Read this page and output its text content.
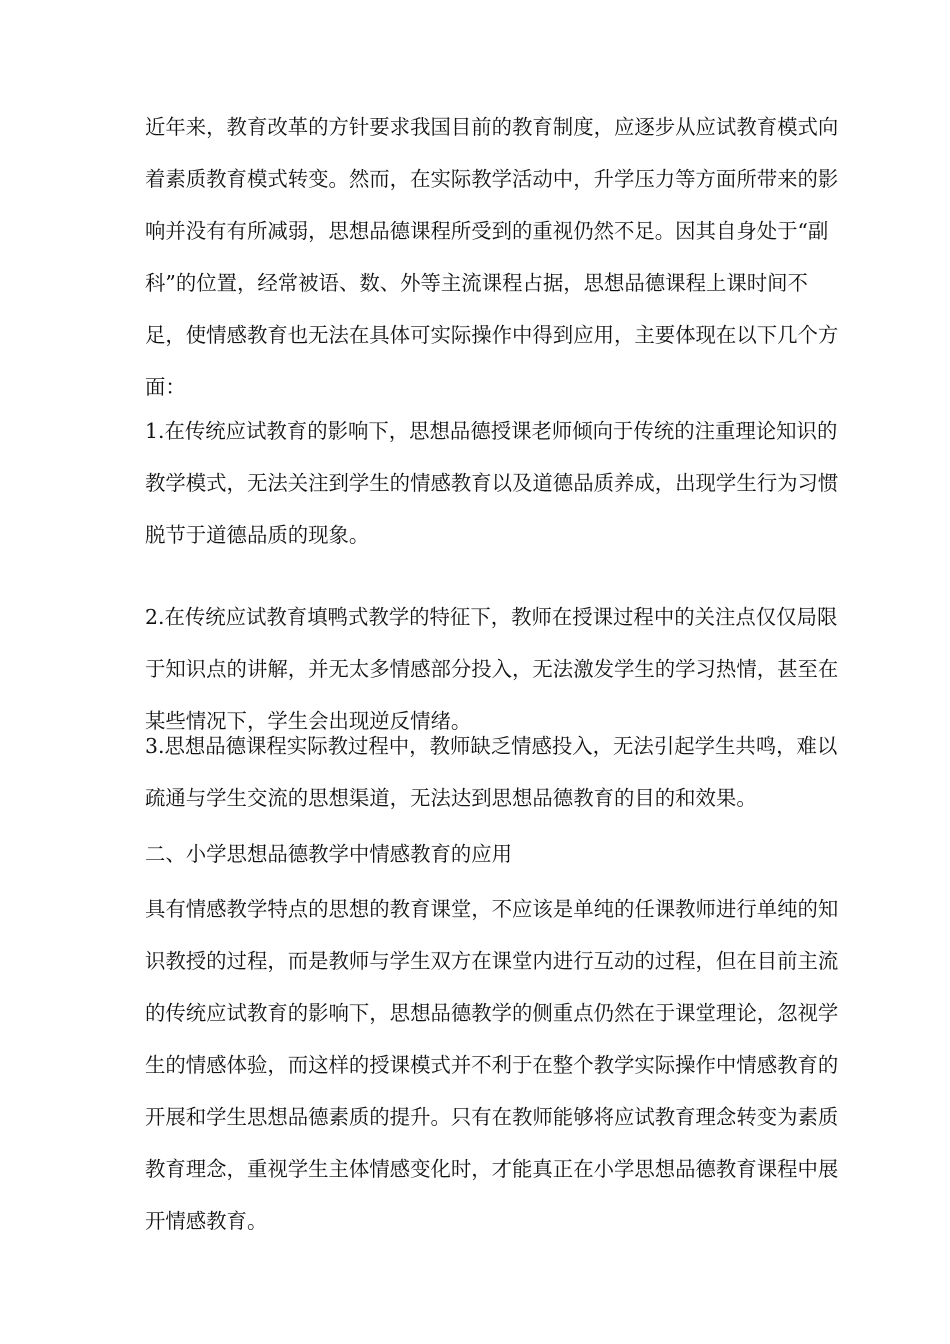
近年来，教育改革的方针要求我国目前的教育制度，应逐步从应试教育模式向
着素质教育模式转变。然而，在实际教学活动中，升学压力等方面所带来的影
响并没有有所减弱，思想品德课程所受到的重视仍然不足。因其自身处于“副
科”的位置，经常被语、数、外等主流课程占据，思想品德课程上课时间不
足，使情感教育也无法在具体可实际操作中得到应用，主要体现在以下几个方
面：
1.在传统应试教育的影响下，思想品德授课老师倾向于传统的注重理论知识的
教学模式，无法关注到学生的情感教育以及道德品质养成，出现学生行为习惯
脱节于道德品质的现象。
2.在传统应试教育填鸭式教学的特征下，教师在授课过程中的关注点仅仅局限
于知识点的讲解，并无太多情感部分投入，无法激发学生的学习热情，甚至在
某些情况下，学生会出现逆反情绪。
3.思想品德课程实际教过程中，教师缺乏情感投入，无法引起学生共鸣，难以
疏通与学生交流的思想渠道，无法达到思想品德教育的目的和效果。
二、小学思想品德教学中情感教育的应用
具有情感教学特点的思想的教育课堂，不应该是单纯的任课教师进行单纯的知
识教授的过程，而是教师与学生双方在课堂内进行互动的过程，但在目前主流
的传统应试教育的影响下，思想品德教学的侧重点仍然在于课堂理论，忽视学
生的情感体验，而这样的授课模式并不利于在整个教学实际操作中情感教育的
开展和学生思想品德素质的提升。只有在教师能够将应试教育理念转变为素质
教育理念，重视学生主体情感变化时，才能真正在小学思想品德教育课程中展
开情感教育。
